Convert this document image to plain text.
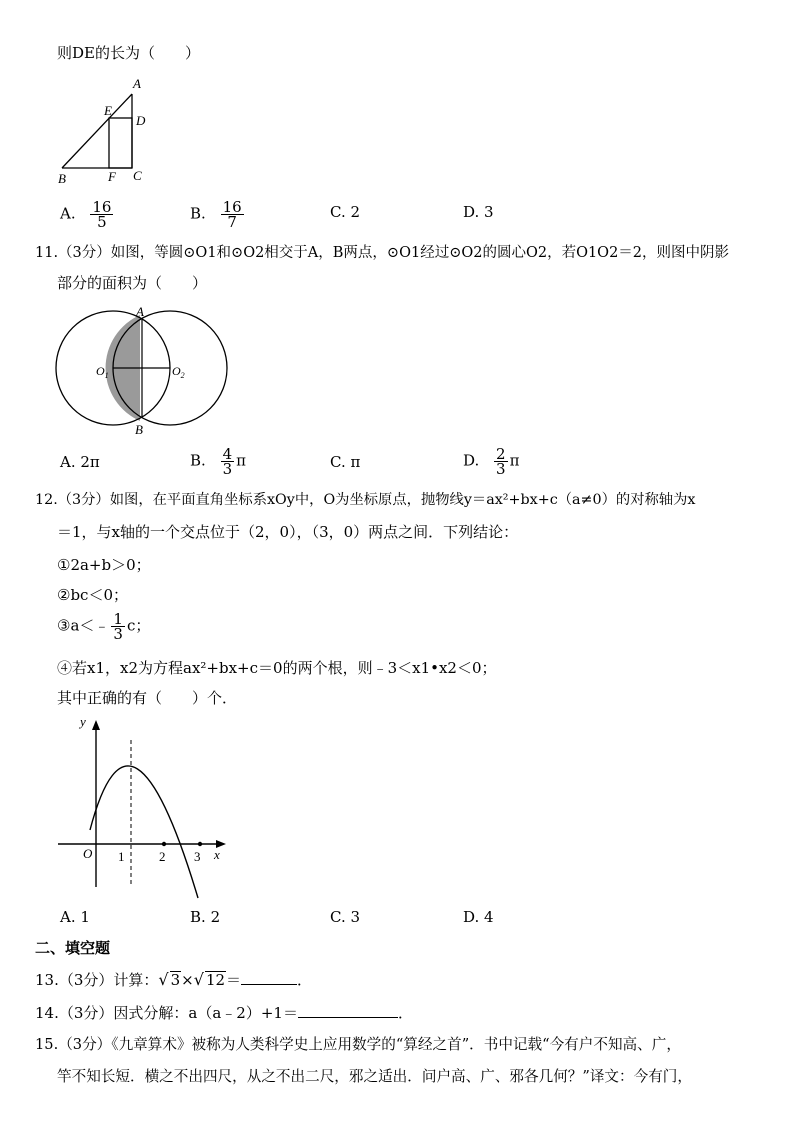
则DE的长为（　　）
A
E
D
B	F C
A. $\frac{16}{5}$	B. $\frac{16}{7}$	C. 2	D. 3
11.（3分）如图，等圆⊙O1和⊙O2相交于A，B两点，⊙O1经过⊙O2的圆心O2，若O1O2＝2，则图中阴影
部分的面积为（　　）
A
B
$O_1$	$O_2$
A. 2π	B. $\frac{4}{3}$ π	C. π	D. $\frac{2}{3}$ π
12.（3分）如图，在平面直角坐标系xOy中，O为坐标原点，抛物线y＝ax²+bx+c（a≠0）的对称轴为x
＝1，与x轴的一个交点位于（2，0），（3，0）两点之间．下列结论：
①2a+b＞0；
②bc＜0；
③a＜﹣ $\frac{1}{3}$ c；
④若x1，x2为方程ax²+bx+c＝0的两个根，则﹣3＜x1•x2＜0；
其中正确的有（　　）个．
y
x
O 1	2 3
A. 1	B. 2	C. 3	D. 4
二、填空题
13.（3分）计算：√ 3×√ 12＝	．
14.（3分）因式分解：a（a﹣2）+1＝	．
15.（3分）《九章算术》被称为人类科学史上应用数学的“算经之首”．书中记载“今有户不知高、广，
竿不知长短．横之不出四尺，从之不出二尺，邪之适出．问户高、广、邪各几何？”译文：今有门，
